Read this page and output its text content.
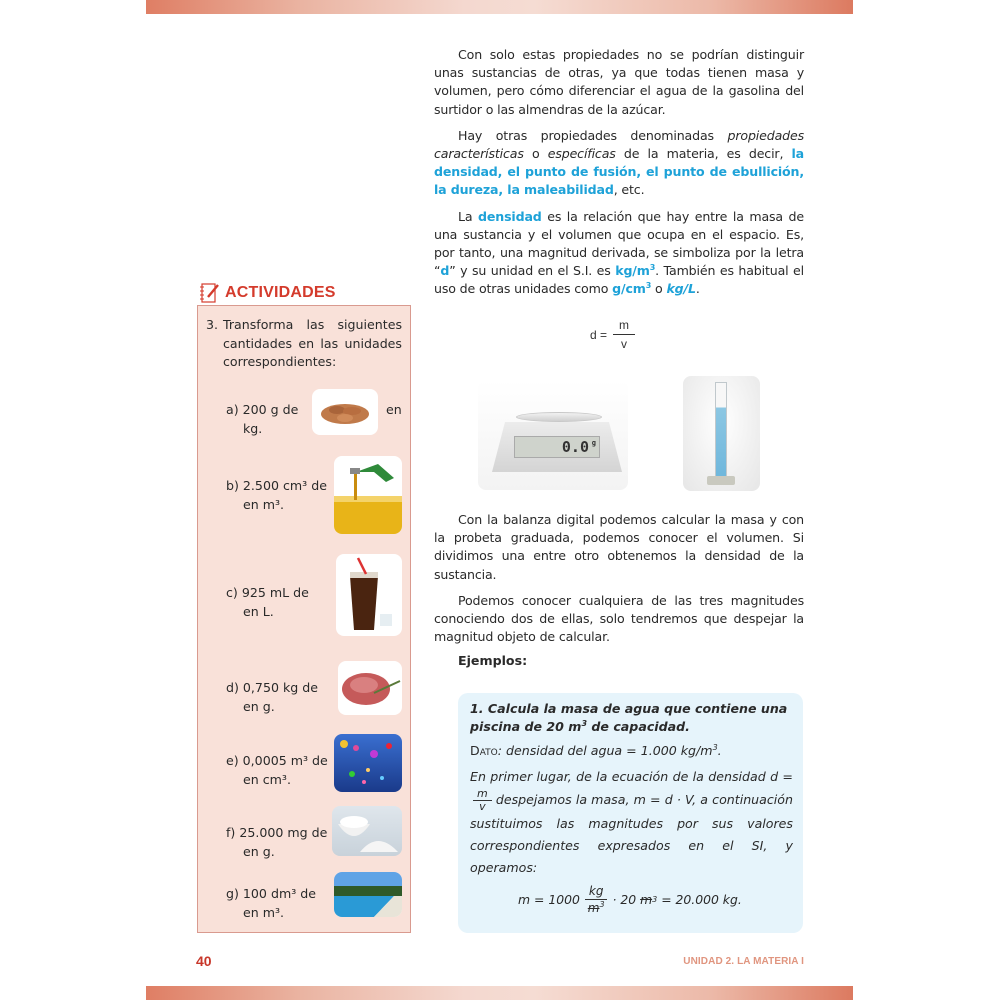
Con solo estas propiedades no se podrían distinguir unas sustancias de otras, ya que todas tienen masa y volumen, pero cómo diferenciar el agua de la gasolina del surtidor o las almendras de la azúcar.

Hay otras propiedades denominadas propiedades características o específicas de la materia, es decir, la densidad, el punto de fusión, el punto de ebullición, la dureza, la maleabilidad, etc.

La densidad es la relación que hay entre la masa de una sustancia y el volumen que ocupa en el espacio. Es, por tanto, una magnitud derivada, se simboliza por la letra “d” y su unidad en el S.I. es $kg/m^3$. También es habitual el uso de otras unidades como $g/cm^3$ o kg/L.

$d = \frac{m}{v}$
0.0 g

Con la balanza digital podemos calcular la masa y con la probeta graduada, podemos conocer el volumen. Si dividimos una entre otro obtenemos la densidad de la sustancia.

Podemos conocer cualquiera de las tres magnitudes conociendo dos de ellas, solo tendremos que despejar la magnitud objeto de calcular.

Ejemplos:
1. Calcula la masa de agua que contiene una piscina de 20 $m^3$ de capacidad.
Dato: densidad del agua = 1.000 $kg/m^3$.
En primer lugar, de la ecuación de la densidad d =
$\frac{m}{v}$ despejamos la masa, m = d · V, a continuación sustituimos las magnitudes por sus valores correspondientes expresados en el SI, y operamos:
$m = 1000 \frac{kg}{m^3} \cdot 20$
m 3
= 20.000 kg.
ACTIVIDADES
3. Transforma las siguientes cantidades en las unidades correspondientes:
a) 200 g de
kg.
en
b) 2.500 cm³ de
en m³.
c) 925 mL de
en L.
d) 0,750 kg de
en g.
e) 0,0005 m³ de
en cm³.
f) 25.000 mg de
en g.
g) 100 dm³ de
en m³.
40	UNIDAD 2. LA MATERIA I
